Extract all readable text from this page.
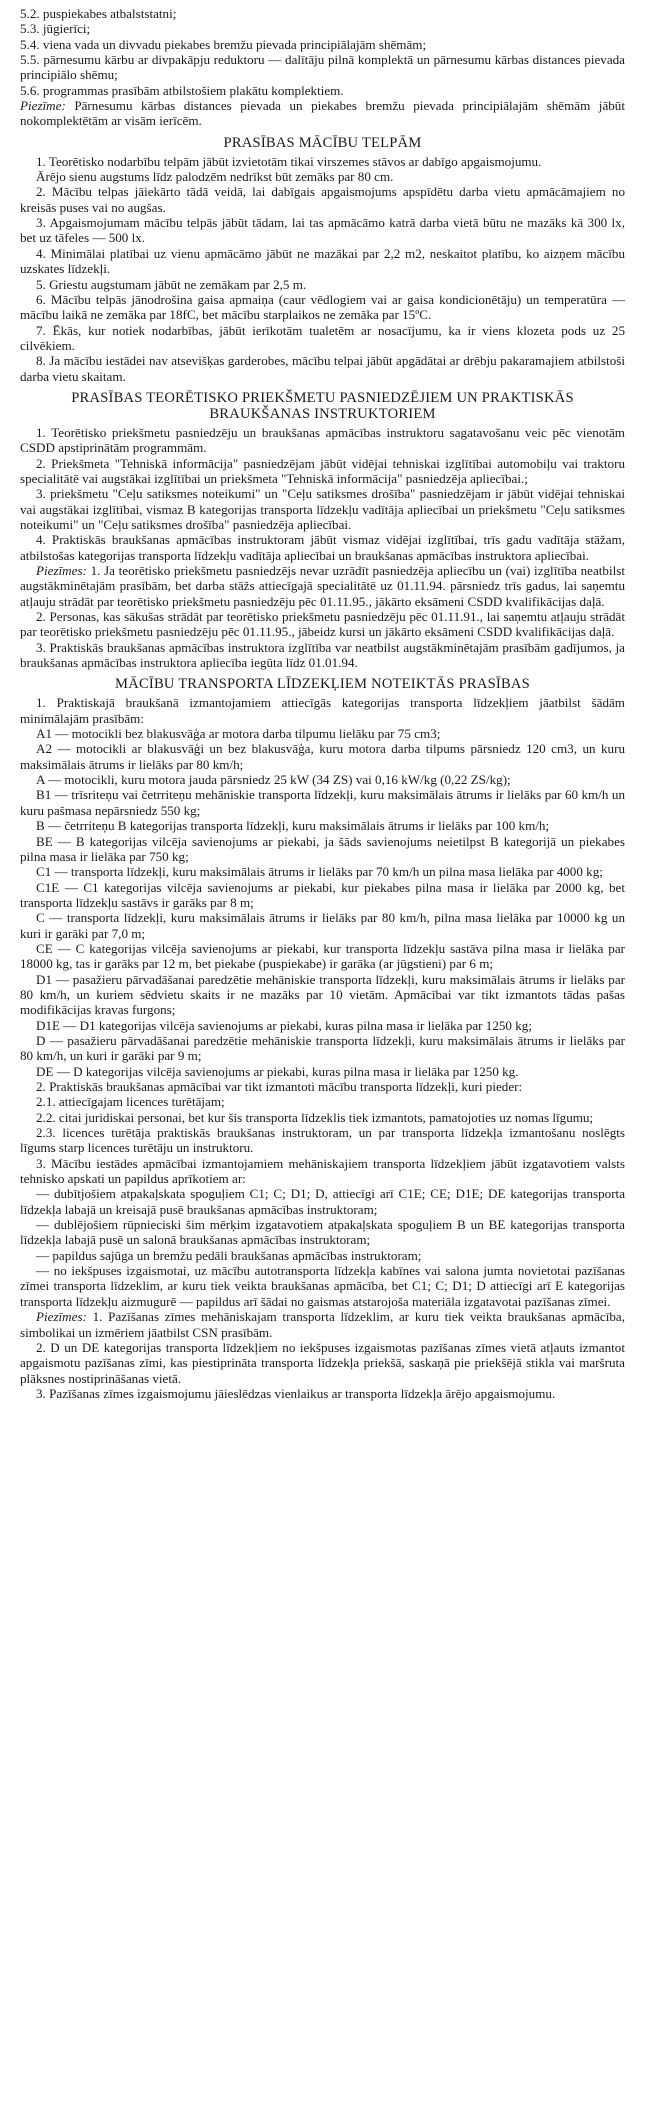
5.2. puspiekabes atbalststatni;

5.3. jūgierīci;

5.4. viena vada un divvadu piekabes bremžu pievada principiālajām shēmām;

5.5. pārnesumu kārbu ar divpakāpju reduktoru — dalītāju pilnā komplektā un pārnesumu kārbas distances pievada principiālo shēmu;

5.6. programmas prasībām atbilstošiem plakātu komplektiem.

Piezīme: Pārnesumu kārbas distances pievada un piekabes bremžu pievada principiālajām shēmām jābūt nokomplektētām ar visām ierīcēm.

PRASĪBAS MĀCĪBU TELPĀM

1. Teorētisko nodarbību telpām jābūt izvietotām tikai virszemes stāvos ar dabīgo apgaismojumu.

Ārējo sienu augstums līdz palodzēm nedrīkst būt zemāks par 80 cm.

2. Mācību telpas jāiekārto tādā veidā, lai dabīgais apgaismojums apspīdētu darba vietu apmācāmajiem no kreisās puses vai no augšas.

3. Apgaismojumam mācību telpās jābūt tādam, lai tas apmācāmo katrā darba vietā būtu ne mazāks kā 300 lx, bet uz tāfeles — 500 lx.

4. Minimālai platībai uz vienu apmācāmo jābūt ne mazākai par 2,2 m2, neskaitot platību, ko aizņem mācību uzskates līdzekļi.

5. Griestu augstumam jābūt ne zemākam par 2,5 m.

6. Mācību telpās jānodrošina gaisa apmaiņa (caur vēdlogiem vai ar gaisa kondicionētāju) un temperatūra — mācību laikā ne zemāka par 18fC, bet mācību starplaikos ne zemāka par 15ºC.

7. Ēkās, kur notiek nodarbības, jābūt ierīkotām tualetēm ar nosacījumu, ka ir viens klozeta pods uz 25 cilvēkiem.

8. Ja mācību iestādei nav atsevišķas garderobes, mācību telpai jābūt apgādātai ar drēbju pakaramajiem atbilstoši darba vietu skaitam.

PRASĪBAS TEORĒTISKO PRIEKŠMETU PASNIEDZĒJIEM UN PRAKTISKĀS BRAUKŠANAS INSTRUKTORIEM

1. Teorētisko priekšmetu pasniedzēju un braukšanas apmācības instruktoru sagatavošanu veic pēc vienotām CSDD apstiprinātām programmām.

2. Priekšmeta "Tehniskā informācija" pasniedzējam jābūt vidējai tehniskai izglītībai automobiļu vai traktoru specialitātē vai augstākai izglītībai un priekšmeta "Tehniskā informācija" pasniedzēja apliecībai.;

3. priekšmetu "Ceļu satiksmes noteikumi" un "Ceļu satiksmes drošība" pasniedzējam ir jābūt vidējai tehniskai vai augstākai izglītībai, vismaz B kategorijas transporta līdzekļu vadītāja apliecībai un priekšmetu "Ceļu satiksmes noteikumi" un "Ceļu satiksmes drošība" pasniedzēja apliecībai.

4. Praktiskās braukšanas apmācības instruktoram jābūt vismaz vidējai izglītībai, trīs gadu vadītāja stāžam, atbilstošas kategorijas transporta līdzekļu vadītāja apliecībai un braukšanas apmācības instruktora apliecībai.

Piezīmes: 1. Ja teorētisko priekšmetu pasniedzējs nevar uzrādīt pasniedzēja apliecību un (vai) izglītība neatbilst augstākminētajām prasībām, bet darba stāžs attiecīgajā specialitātē uz 01.11.94. pārsniedz trīs gadus, lai saņemtu atļauju strādāt par teorētisko priekšmetu pasniedzēju pēc 01.11.95., jākārto eksāmeni CSDD kvalifikācijas daļā.

2. Personas, kas sākušas strādāt par teorētisko priekšmetu pasniedzēju pēc 01.11.91., lai saņemtu atļauju strādāt par teorētisko priekšmetu pasniedzēju pēc 01.11.95., jābeidz kursi un jākārto eksāmeni CSDD kvalifikācijas daļā.

3. Praktiskās braukšanas apmācības instruktora izglītība var neatbilst augstākminētajām prasībām gadījumos, ja braukšanas apmācības instruktora apliecība iegūta līdz 01.01.94.

MĀCĪBU TRANSPORTA LĪDZEKĻIEM NOTEIKTĀS PRASĪBAS

1. Praktiskajā braukšanā izmantojamiem attiecīgās kategorijas transporta līdzekļiem jāatbilst šādām minimālajām prasībām:

A1 — motocikli bez blakusvāģa ar motora darba tilpumu lielāku par 75 cm3;

A2 — motocikli ar blakusvāģi un bez blakusvāģa, kuru motora darba tilpums pārsniedz 120 cm3, un kuru maksimālais ātrums ir lielāks par 80 km/h;

A — motocikli, kuru motora jauda pārsniedz 25 kW (34 ZS) vai 0,16 kW/kg (0,22 ZS/kg);

B1 — trīsriteņu vai četrriteņu mehāniskie transporta līdzekļi, kuru maksimālais ātrums ir lielāks par 60 km/h un kuru pašmasa nepārsniedz 550 kg;

B — četrriteņu B kategorijas transporta līdzekļi, kuru maksimālais ātrums ir lielāks par 100 km/h;

BE — B kategorijas vilcēja savienojums ar piekabi, ja šāds savienojums neietilpst B kategorijā un piekabes pilna masa ir lielāka par 750 kg;

C1 — transporta līdzekļi, kuru maksimālais ātrums ir lielāks par 70 km/h un pilna masa lielāka par 4000 kg;

C1E — C1 kategorijas vilcēja savienojums ar piekabi, kur piekabes pilna masa ir lielāka par 2000 kg, bet transporta līdzekļu sastāvs ir garāks par 8 m;

C — transporta līdzekļi, kuru maksimālais ātrums ir lielāks par 80 km/h, pilna masa lielāka par 10000 kg un kuri ir garāki par 7,0 m;

CE — C kategorijas vilcēja savienojums ar piekabi, kur transporta līdzekļu sastāva pilna masa ir lielāka par 18000 kg, tas ir garāks par 12 m, bet piekabe (puspiekabe) ir garāka (ar jūgstieni) par 6 m;

D1 — pasažieru pārvadāšanai paredzētie mehāniskie transporta līdzekļi, kuru maksimālais ātrums ir lielāks par 80 km/h, un kuriem sēdvietu skaits ir ne mazāks par 10 vietām. Apmācībai var tikt izmantots tādas pašas modifikācijas kravas furgons;

D1E — D1 kategorijas vilcēja savienojums ar piekabi, kuras pilna masa ir lielāka par 1250 kg;

D — pasažieru pārvadāšanai paredzētie mehāniskie transporta līdzekļi, kuru maksimālais ātrums ir lielāks par 80 km/h, un kuri ir garāki par 9 m;

DE — D kategorijas vilcēja savienojums ar piekabi, kuras pilna masa ir lielāka par 1250 kg.

2. Praktiskās braukšanas apmācībai var tikt izmantoti mācību transporta līdzekļi, kuri pieder:

2.1. attiecīgajam licences turētājam;

2.2. citai juridiskai personai, bet kur šis transporta līdzeklis tiek izmantots, pamatojoties uz nomas līgumu;

2.3. licences turētāja praktiskās braukšanas instruktoram, un par transporta līdzekļa izmantošanu noslēgts līgums starp licences turētāju un instruktoru.

3. Mācību iestādes apmācībai izmantojamiem mehāniskajiem transporta līdzekļiem jābūt izgatavotiem valsts tehnisko apskati un papildus aprīkotiem ar:

— dubītjošiem atpakaļskata spoguļiem C1; C; D1; D, attiecīgi arī C1E; CE; D1E; DE kategorijas transporta līdzekļa labajā un kreisajā pusē braukšanas apmācības instruktoram;

— dublējošiem rūpnieciski šim mērķim izgatavotiem atpakaļskata spoguļiem B un BE kategorijas transporta līdzekļa labajā pusē un salonā braukšanas apmācības instruktoram;

— papildus sajūga un bremžu pedāli braukšanas apmācības instruktoram;

— no iekšpuses izgaismotai, uz mācību autotransporta līdzekļa kabīnes vai salona jumta novietotai pazīšanas zīmei transporta līdzeklim, ar kuru tiek veikta braukšanas apmācība, bet C1; C; D1; D attiecīgi arī E kategorijas transporta līdzekļu aizmugurē — papildus arī šādai no gaismas atstarojoša materiāla izgatavotai pazīšanas zīmei.

Piezīmes: 1. Pazīšanas zīmes mehāniskajam transporta līdzeklim, ar kuru tiek veikta braukšanas apmācība, simbolikai un izmēriem jāatbilst CSN prasībām.

2. D un DE kategorijas transporta līdzekļiem no iekšpuses izgaismotas pazīšanas zīmes vietā atļauts izmantot apgaismotu pazīšanas zīmi, kas piestiprināta transporta līdzekļa priekšā, saskaņā pie priekšējā stikla vai maršruta plāksnes nostiprināšanas vietā.

3. Pazīšanas zīmes izgaismojumu jāieslēdzas vienlaikus ar transporta līdzekļa ārējo apgaismojumu.
